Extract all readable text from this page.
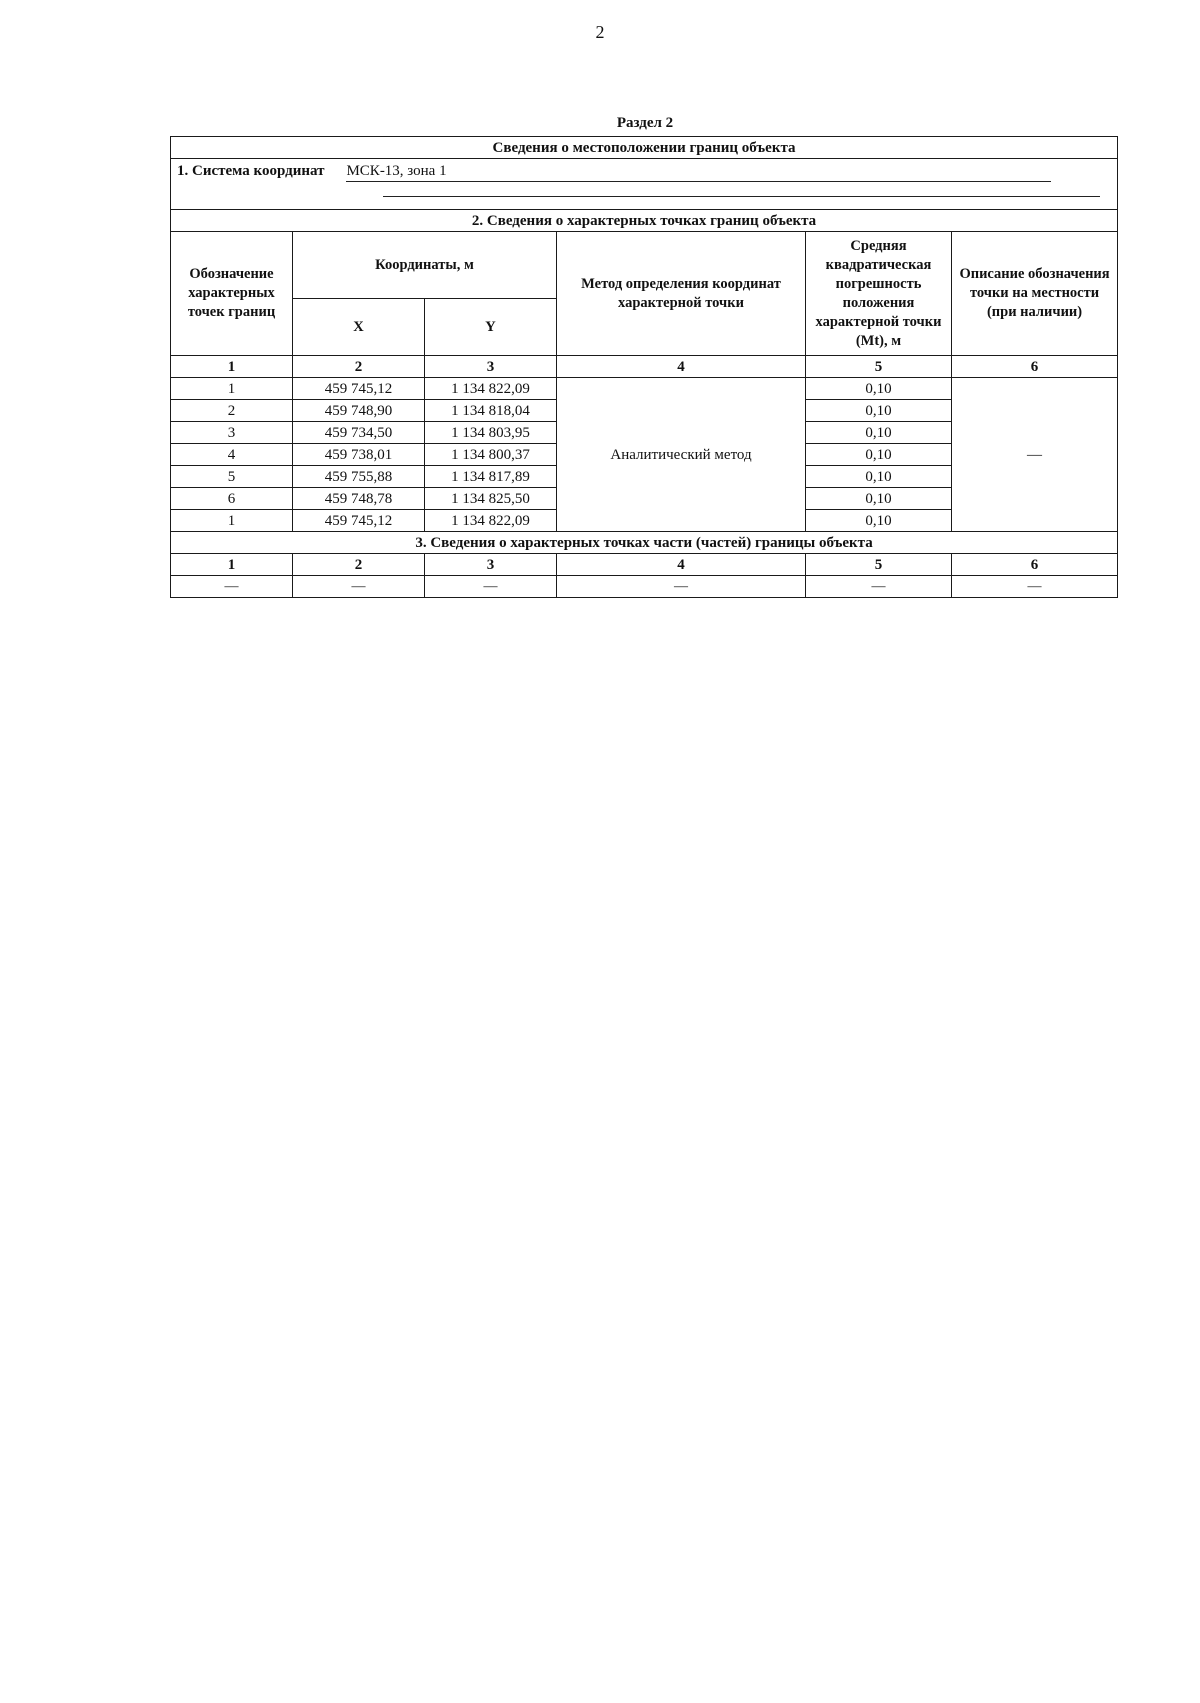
2
Раздел 2
Сведения о местоположении границ объекта					
1. Система координат МСК-13, зона 1					

2. Сведения о характерных точках границ объекта					
Обозначение характерных точек границ	Координаты, м		Метод определения координат характерной точки	Средняя квадратическая погрешность положения характерной точки (Mt), м	Описание обозначения точки на местности (при наличии)
	X	Y			
1	2	3	4	5	6
1	459 745,12	1 134 822,09	Аналитический метод	0,10	—
2	459 748,90	1 134 818,04		0,10	
3	459 734,50	1 134 803,95		0,10	
4	459 738,01	1 134 800,37		0,10	
5	459 755,88	1 134 817,89		0,10	
6	459 748,78	1 134 825,50		0,10	
1	459 745,12	1 134 822,09		0,10	
3. Сведения о характерных точках части (частей) границы объекта					
1	2	3	4	5	6
—	—	—	—	—	—
